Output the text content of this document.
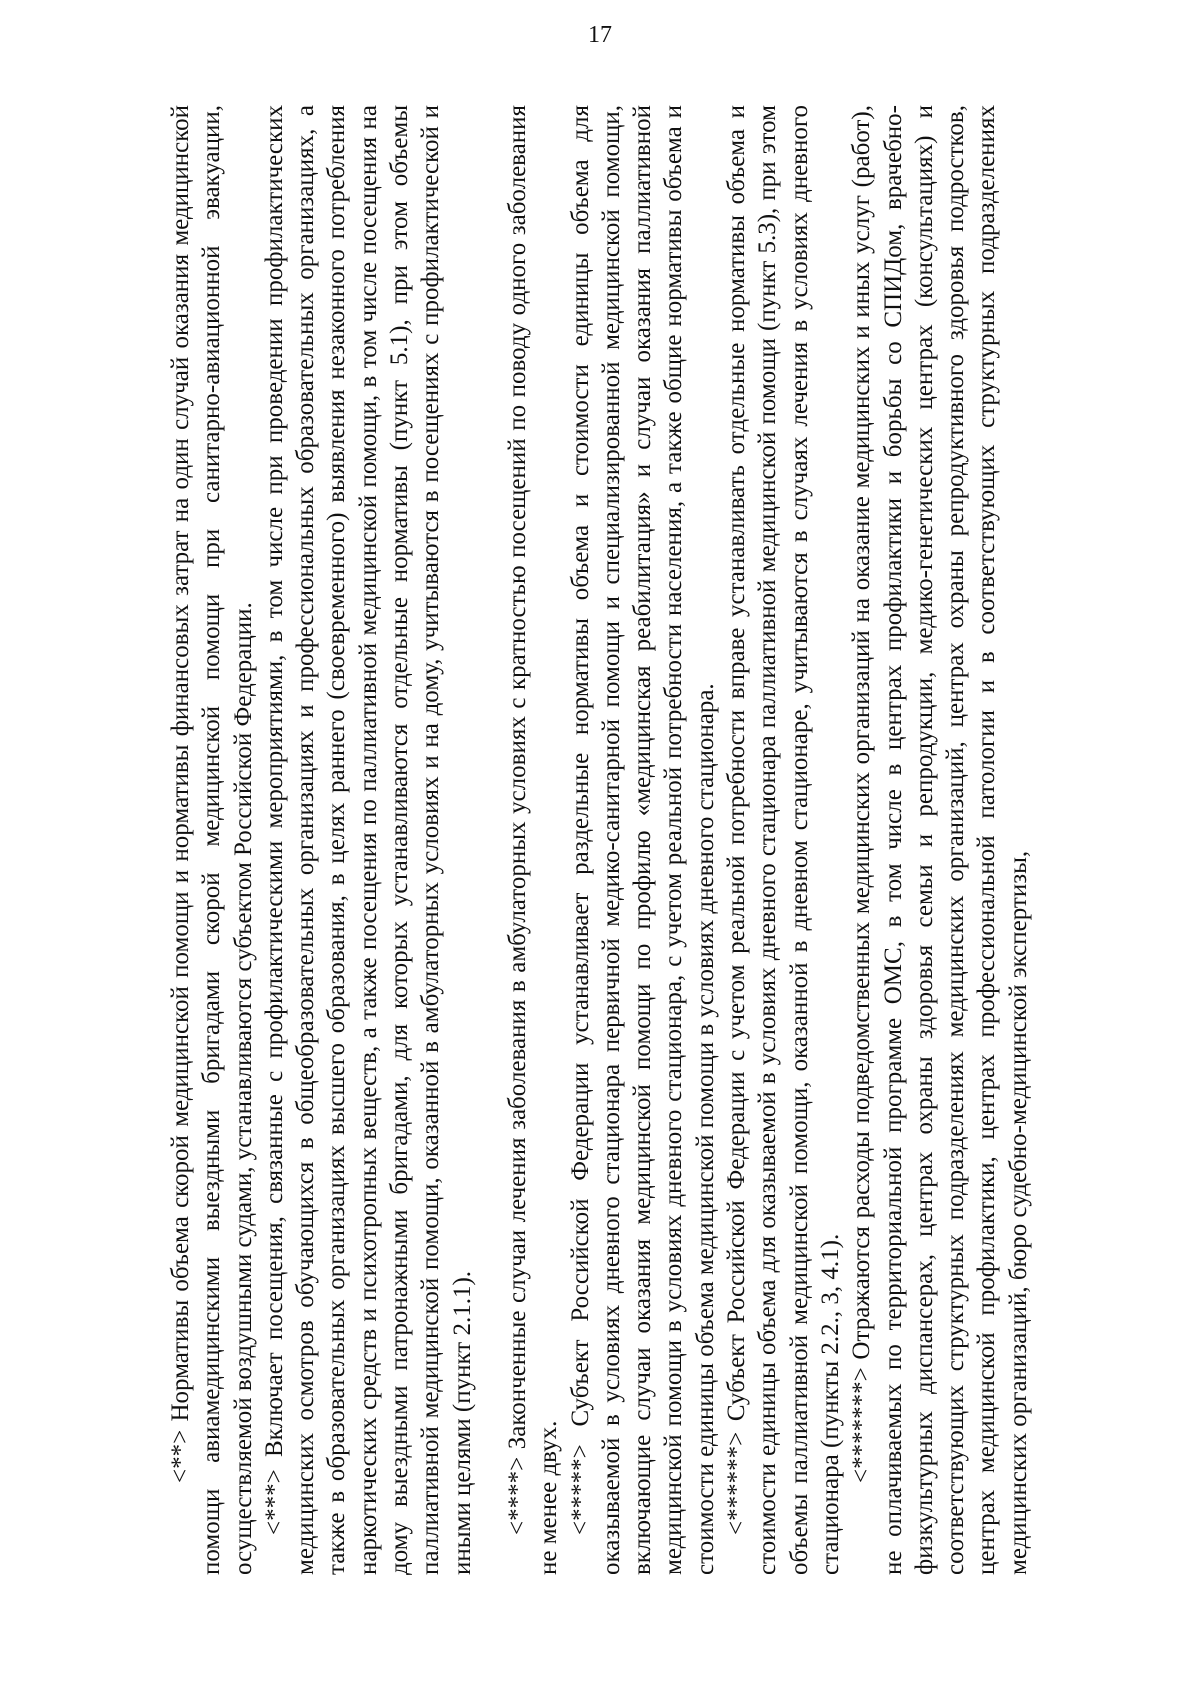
17

<**> Нормативы объема скорой медицинской помощи и нормативы финансовых затрат на один случай оказания медицинской помощи авиамедицинскими выездными бригадами скорой медицинской помощи при санитарно-авиационной эвакуации, осуществляемой воздушными судами, устанавливаются субъектом Российской Федерации. <***> Включает посещения, связанные с профилактическими мероприятиями, в том числе при проведении профилактических медицинских осмотров обучающихся в общеобразовательных организациях и профессиональных образовательных организациях, а также в образовательных организациях высшего образования, в целях раннего (своевременного) выявления незаконного потребления наркотических средств и психотропных веществ, а также посещения по паллиативной медицинской помощи, в том числе посещения на дому выездными патронажными бригадами, для которых устанавливаются отдельные нормативы (пункт 5.1), при этом объемы паллиативной медицинской помощи, оказанной в амбулаторных условиях и на дому, учитываются в посещениях с профилактической и иными целями (пункт 2.1.1). <****> Законченные случаи лечения заболевания в амбулаторных условиях с кратностью посещений по поводу одного заболевания не менее двух. <*****> Субъект Российской Федерации устанавливает раздельные нормативы объема и стоимости единицы объема для оказываемой в условиях дневного стационара первичной медико-санитарной помощи и специализированной медицинской помощи, включающие случаи оказания медицинской помощи по профилю «медицинская реабилитация» и случаи оказания паллиативной медицинской помощи в условиях дневного стационара, с учетом реальной потребности населения, а также общие нормативы объема и стоимости единицы объема медицинской помощи в условиях дневного стационара. <******> Субъект Российской Федерации с учетом реальной потребности вправе устанавливать отдельные нормативы объема и стоимости единицы объема для оказываемой в условиях дневного стационара паллиативной медицинской помощи (пункт 5.3), при этом объемы паллиативной медицинской помощи, оказанной в дневном стационаре, учитываются в случаях лечения в условиях дневного стационара (пункты 2.2., 3, 4.1). <*******> Отражаются расходы подведомственных медицинских организаций на оказание медицинских и иных услуг (работ), не оплачиваемых по территориальной программе ОМС, в том числе в центрах профилактики и борьбы со СПИДом, врачебно-физкультурных диспансерах, центрах охраны здоровья семьи и репродукции, медико-генетических центрах (консультациях) и соответствующих структурных подразделениях медицинских организаций, центрах охраны репродуктивного здоровья подростков, центрах медицинской профилактики, центрах профессиональной патологии и в соответствующих структурных подразделениях медицинских организаций, бюро судебно-медицинской экспертизы,
